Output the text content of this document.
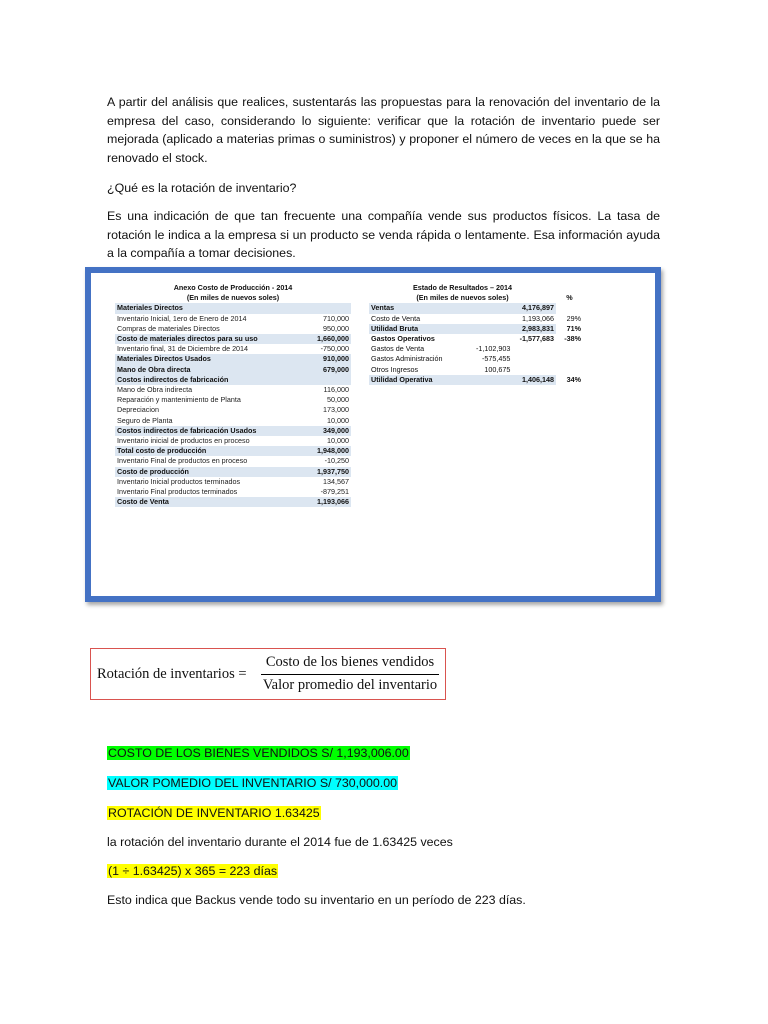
A partir del análisis que realices, sustentarás las propuestas para la renovación del inventario de la empresa del caso, considerando lo siguiente: verificar que la rotación de inventario puede ser mejorada (aplicado a materias primas o suministros) y proponer el número de veces en la que se ha renovado el stock.

¿Qué es la rotación de inventario?

Es una indicación de que tan frecuente una compañía vende sus productos físicos. La tasa de rotación le indica a la empresa si un producto se venda rápida o lentamente. Esa información ayuda a la compañía a tomar decisiones.

Anexo Costo de Producción - 2014	
(En miles de nuevos soles)	
Materiales Directos	
Inventario Inicial, 1ero de Enero de 2014	710,000
Compras de materiales Directos	950,000
Costo de materiales directos para su uso	1,660,000
Inventario final, 31 de Diciembre de 2014	-750,000
Materiales Directos Usados	910,000
Mano de Obra directa	679,000
Costos indirectos de fabricación	
Mano de Obra indirecta	116,000
Reparación y mantenimiento de Planta	50,000
Depreciacion	173,000
Seguro de Planta	10,000
Costos indirectos de fabricación Usados	349,000
Inventario inicial de productos en proceso	10,000
Total costo de producción	1,948,000
Inventario Final de productos en proceso	-10,250
Costo de producción	1,937,750
Inventario Inicial productos terminados	134,567
Inventario Final productos terminados	-879,251
Costo de Venta	1,193,066
Estado de Resultados – 2014			
(En miles de nuevos soles)			%
Ventas		4,176,897	
Costo de Venta		1,193,066	29%
Utilidad Bruta		2,983,831	71%
Gastos Operativos		-1,577,683	-38%
Gastos de Venta	-1,102,903		
Gastos Administración	-575,455		
Otros Ingresos	100,675		
Utilidad Operativa		1,406,148	34%
Rotación de inventarios =
Costo de los bienes vendidos
Valor promedio del inventario

COSTO DE LOS BIENES VENDIDOS S/ 1,193,006.00

VALOR POMEDIO DEL INVENTARIO S/ 730,000.00

ROTACIÓN DE INVENTARIO 1.63425

la rotación del inventario durante el 2014 fue de 1.63425 veces

(1 ÷ 1.63425) x 365 = 223 días

Esto indica que Backus vende todo su inventario en un período de 223 días.
